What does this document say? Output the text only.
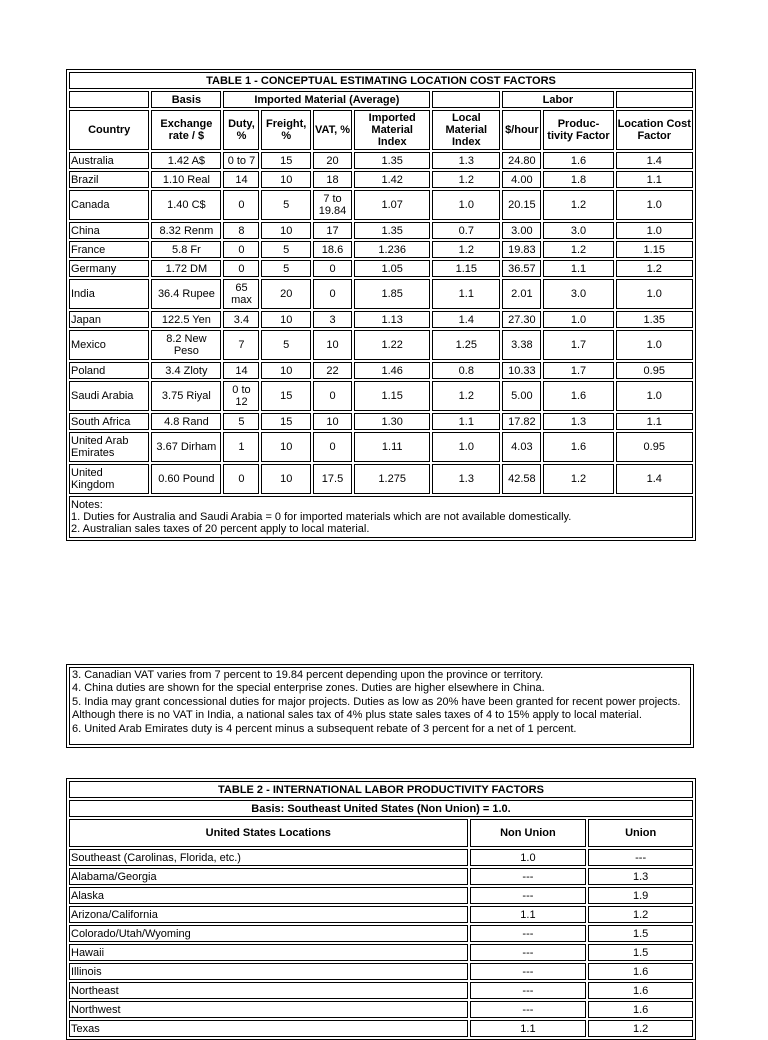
TABLE 1 - CONCEPTUAL ESTIMATING LOCATION COST FACTORS									
	Basis	Imported Material (Average)					Labor		
Country	Exchange rate / $	Duty, %	Freight, %	VAT, %	Imported Material Index	Local Material Index	$/hour	Produc- tivity Factor	Location Cost Factor
Australia	1.42 A$	0 to 7	15	20	1.35	1.3	24.80	1.6	1.4
Brazil	1.10 Real	14	10	18	1.42	1.2	4.00	1.8	1.1
Canada	1.40 C$	0	5	7 to 19.84	1.07	1.0	20.15	1.2	1.0
China	8.32 Renm	8	10	17	1.35	0.7	3.00	3.0	1.0
France	5.8 Fr	0	5	18.6	1.236	1.2	19.83	1.2	1.15
Germany	1.72 DM	0	5	0	1.05	1.15	36.57	1.1	1.2
India	36.4 Rupee	65 max	20	0	1.85	1.1	2.01	3.0	1.0
Japan	122.5 Yen	3.4	10	3	1.13	1.4	27.30	1.0	1.35
Mexico	8.2 New Peso	7	5	10	1.22	1.25	3.38	1.7	1.0
Poland	3.4 Zloty	14	10	22	1.46	0.8	10.33	1.7	0.95
Saudi Arabia	3.75 Riyal	0 to 12	15	0	1.15	1.2	5.00	1.6	1.0
South Africa	4.8 Rand	5	15	10	1.30	1.1	17.82	1.3	1.1
United Arab Emirates	3.67 Dirham	1	10	0	1.11	1.0	4.03	1.6	0.95
United Kingdom	0.60 Pound	0	10	17.5	1.275	1.3	42.58	1.2	1.4

Notes:
1. Duties for Australia and Saudi Arabia = 0 for imported materials which are not available domestically.
2. Australian sales taxes of 20 percent apply to local material.									
3. Canadian VAT varies from 7 percent to 19.84 percent depending upon the province or territory.
4. China duties are shown for the special enterprise zones. Duties are higher elsewhere in China.
5. India may grant concessional duties for major projects. Duties as low as 20% have been granted for recent power projects. Although there is no VAT in India, a national sales tax of 4% plus state sales taxes of 4 to 15% apply to local material.
6. United Arab Emirates duty is 4 percent minus a subsequent rebate of 3 percent for a net of 1 percent.
TABLE 2 - INTERNATIONAL LABOR PRODUCTIVITY FACTORS		
Basis: Southeast United States (Non Union) = 1.0.		
United States Locations	Non Union	Union
Southeast (Carolinas, Florida, etc.)	1.0	---
Alabama/Georgia	---	1.3
Alaska	---	1.9
Arizona/California	1.1	1.2
Colorado/Utah/Wyoming	---	1.5
Hawaii	---	1.5
Illinois	---	1.6
Northeast	---	1.6
Northwest	---	1.6
Texas	1.1	1.2
